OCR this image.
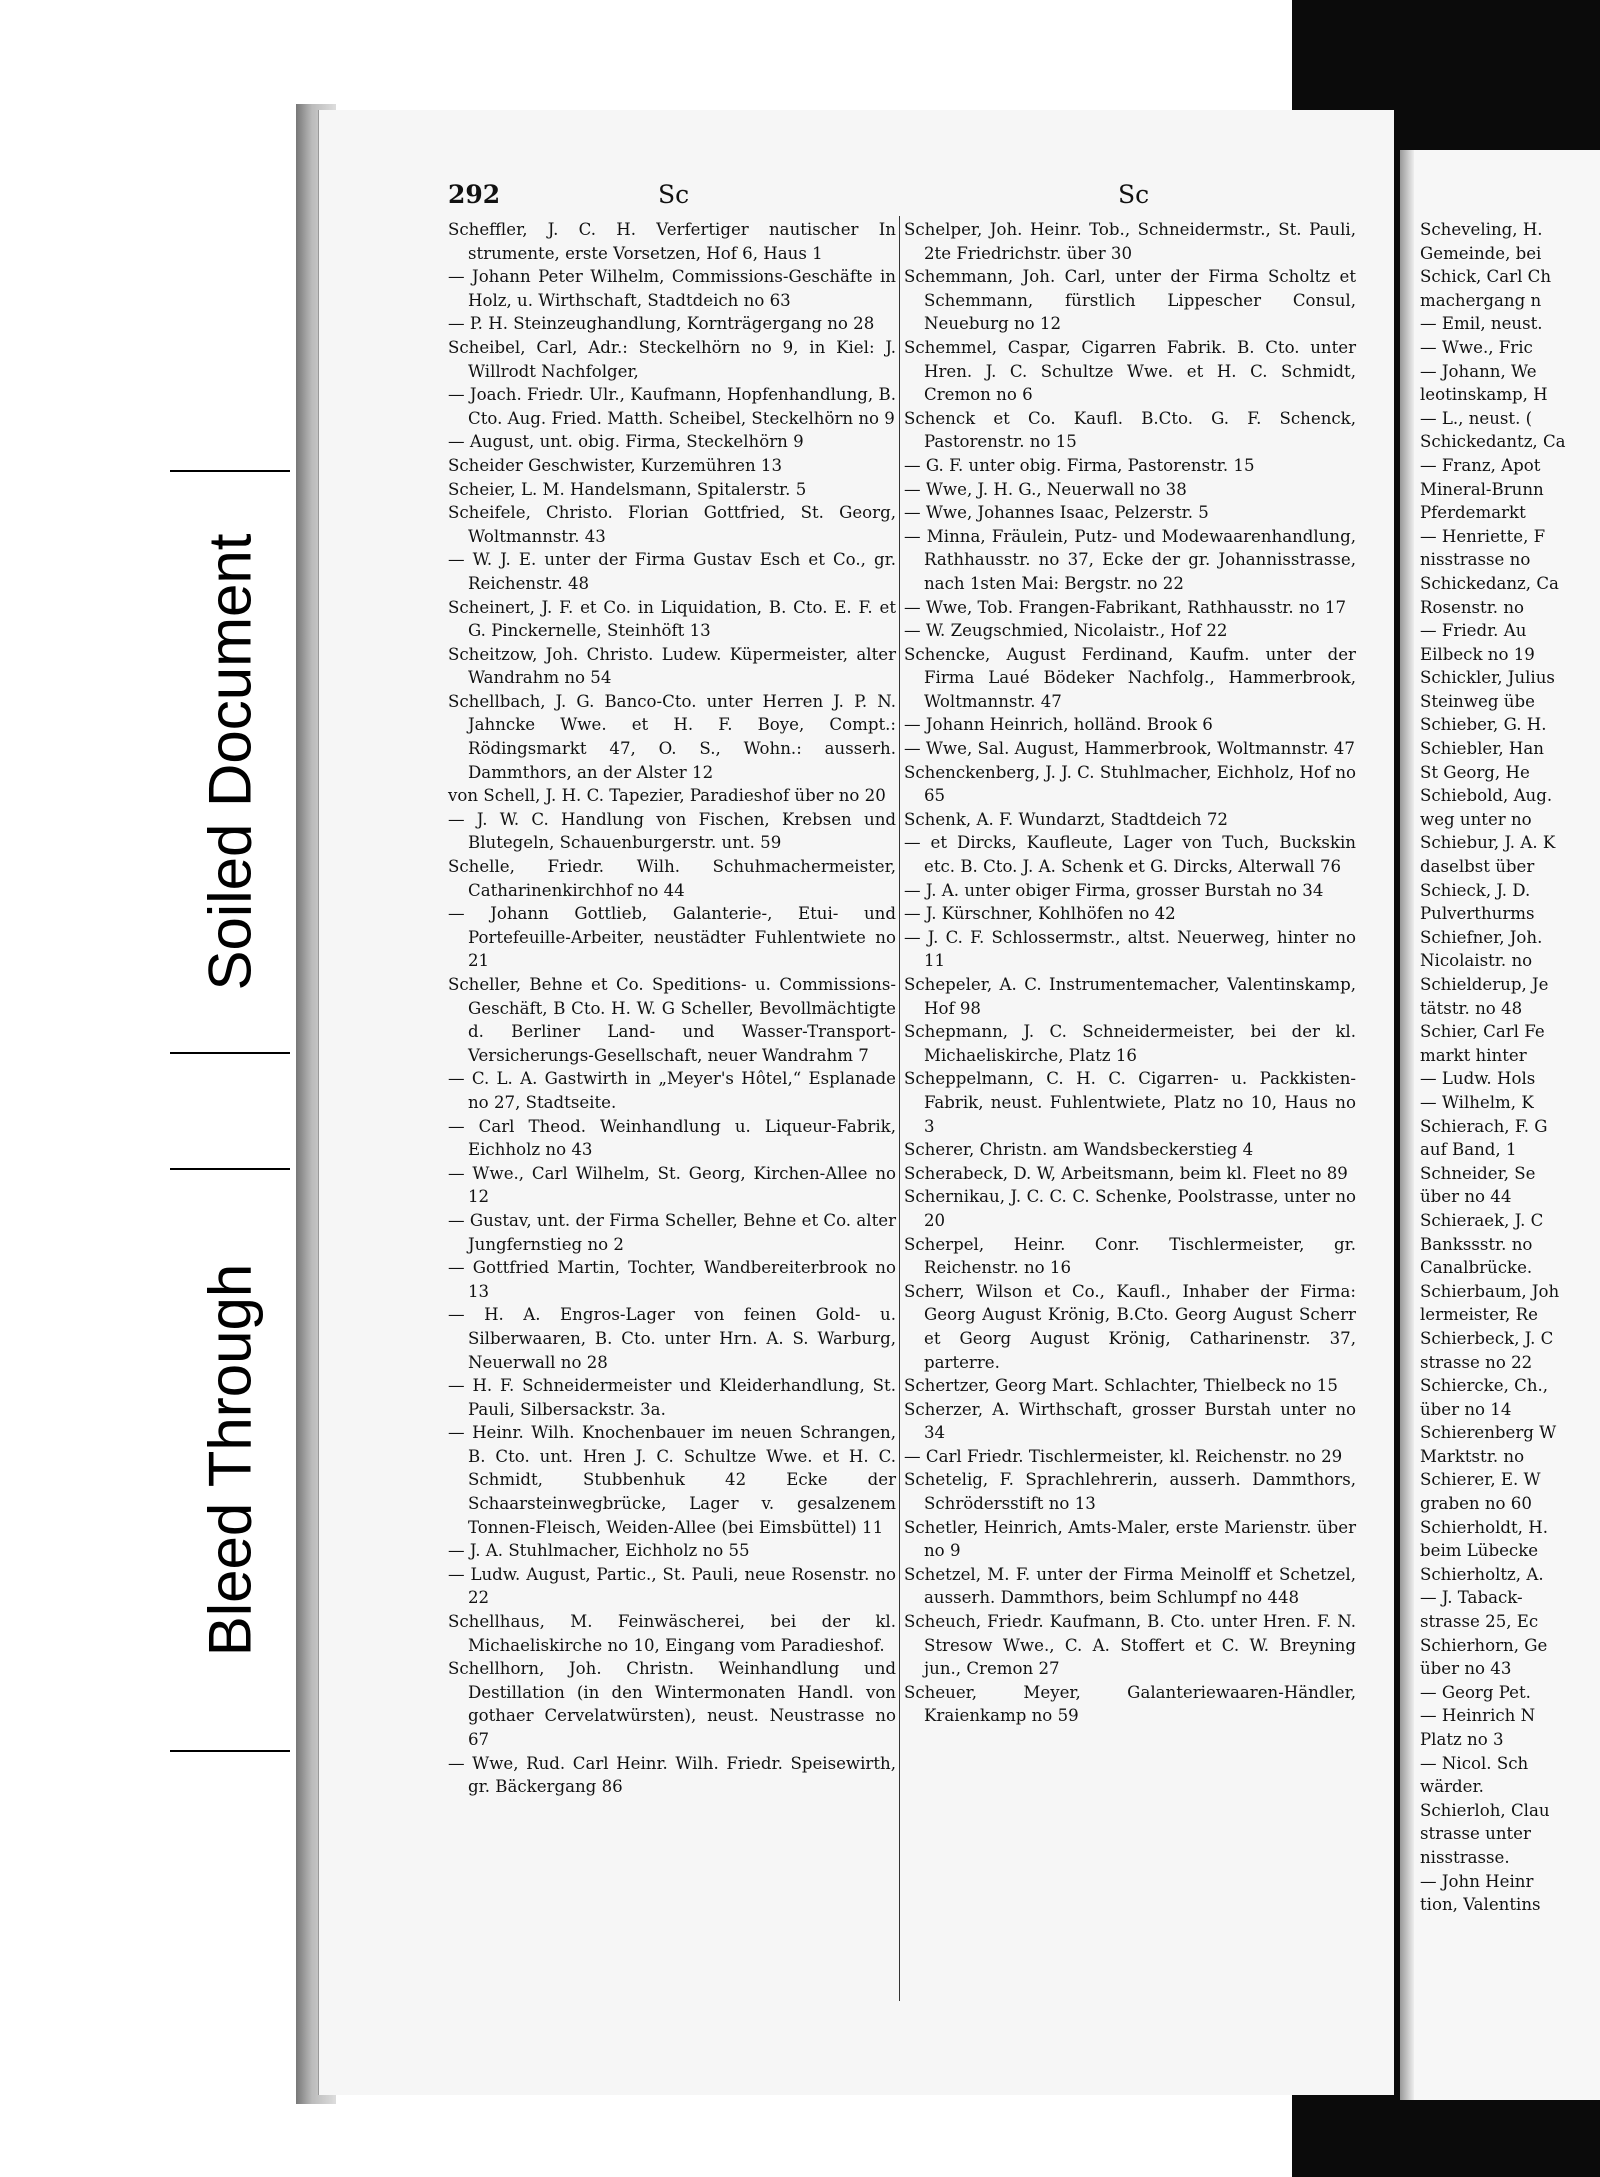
Soiled Document
Bleed Through
292	Sc	Sc
Scheffler, J. C. H. Verfertiger nautischer In strumente, erste Vorsetzen, Hof 6, Haus 1
— Johann Peter Wilhelm, Commissions-Geschäfte in Holz, u. Wirthschaft, Stadtdeich no 63
— P. H. Steinzeughandlung, Kornträgergang no 28
Scheibel, Carl, Adr.: Steckelhörn no 9, in Kiel: J. Willrodt Nachfolger,
— Joach. Friedr. Ulr., Kaufmann, Hopfenhandlung, B. Cto. Aug. Fried. Matth. Scheibel, Steckelhörn no 9
— August, unt. obig. Firma, Steckelhörn 9
Scheider Geschwister, Kurzemühren 13
Scheier, L. M. Handelsmann, Spitalerstr. 5
Scheifele, Christo. Florian Gottfried, St. Georg, Woltmannstr. 43
— W. J. E. unter der Firma Gustav Esch et Co., gr. Reichenstr. 48
Scheinert, J. F. et Co. in Liquidation, B. Cto. E. F. et G. Pinckernelle, Steinhöft 13
Scheitzow, Joh. Christo. Ludew. Küpermeister, alter Wandrahm no 54
Schellbach, J. G. Banco-Cto. unter Herren J. P. N. Jahncke Wwe. et H. F. Boye, Compt.: Rödingsmarkt 47, O. S., Wohn.: ausserh. Dammthors, an der Alster 12
von Schell, J. H. C. Tapezier, Paradieshof über no 20
— J. W. C. Handlung von Fischen, Krebsen und Blutegeln, Schauenburgerstr. unt. 59
Schelle, Friedr. Wilh. Schuhmachermeister, Catharinenkirchhof no 44
— Johann Gottlieb, Galanterie-, Etui- und Portefeuille-Arbeiter, neustädter Fuhlentwiete no 21
Scheller, Behne et Co. Speditions- u. Commissions-Geschäft, B Cto. H. W. G Scheller, Bevollmächtigte d. Berliner Land- und Wasser-Transport-Versicherungs-Gesellschaft, neuer Wandrahm 7
— C. L. A. Gastwirth in „Meyer's Hôtel,“ Esplanade no 27, Stadtseite.
— Carl Theod. Weinhandlung u. Liqueur-Fabrik, Eichholz no 43
— Wwe., Carl Wilhelm, St. Georg, Kirchen-Allee no 12
— Gustav, unt. der Firma Scheller, Behne et Co. alter Jungfernstieg no 2
— Gottfried Martin, Tochter, Wandbereiterbrook no 13
— H. A. Engros-Lager von feinen Gold- u. Silberwaaren, B. Cto. unter Hrn. A. S. Warburg, Neuerwall no 28
— H. F. Schneidermeister und Kleiderhandlung, St. Pauli, Silbersackstr. 3a.
— Heinr. Wilh. Knochenbauer im neuen Schrangen, B. Cto. unt. Hren J. C. Schultze Wwe. et H. C. Schmidt, Stubbenhuk 42 Ecke der Schaarsteinwegbrücke, Lager v. gesalzenem Tonnen-Fleisch, Weiden-Allee (bei Eimsbüttel) 11
— J. A. Stuhlmacher, Eichholz no 55
— Ludw. August, Partic., St. Pauli, neue Rosenstr. no 22
Schellhaus, M. Feinwäscherei, bei der kl. Michaeliskirche no 10, Eingang vom Paradieshof.
Schellhorn, Joh. Christn. Weinhandlung und Destillation (in den Wintermonaten Handl. von gothaer Cervelatwürsten), neust. Neustrasse no 67
— Wwe, Rud. Carl Heinr. Wilh. Friedr. Speisewirth, gr. Bäckergang 86
Schelper, Joh. Heinr. Tob., Schneidermstr., St. Pauli, 2te Friedrichstr. über 30
Schemmann, Joh. Carl, unter der Firma Scholtz et Schemmann, fürstlich Lippescher Consul, Neueburg no 12
Schemmel, Caspar, Cigarren Fabrik. B. Cto. unter Hren. J. C. Schultze Wwe. et H. C. Schmidt, Cremon no 6
Schenck et Co. Kaufl. B.Cto. G. F. Schenck, Pastorenstr. no 15
— G. F. unter obig. Firma, Pastorenstr. 15
— Wwe, J. H. G., Neuerwall no 38
— Wwe, Johannes Isaac, Pelzerstr. 5
— Minna, Fräulein, Putz- und Modewaarenhandlung, Rathhausstr. no 37, Ecke der gr. Johannisstrasse, nach 1sten Mai: Bergstr. no 22
— Wwe, Tob. Frangen-Fabrikant, Rathhausstr. no 17
— W. Zeugschmied, Nicolaistr., Hof 22
Schencke, August Ferdinand, Kaufm. unter der Firma Laué Bödeker Nachfolg., Hammerbrook, Woltmannstr. 47
— Johann Heinrich, holländ. Brook 6
— Wwe, Sal. August, Hammerbrook, Woltmannstr. 47
Schenckenberg, J. J. C. Stuhlmacher, Eichholz, Hof no 65
Schenk, A. F. Wundarzt, Stadtdeich 72
— et Dircks, Kaufleute, Lager von Tuch, Buckskin etc. B. Cto. J. A. Schenk et G. Dircks, Alterwall 76
— J. A. unter obiger Firma, grosser Burstah no 34
— J. Kürschner, Kohlhöfen no 42
— J. C. F. Schlossermstr., altst. Neuerweg, hinter no 11
Schepeler, A. C. Instrumentemacher, Valentinskamp, Hof 98
Schepmann, J. C. Schneidermeister, bei der kl. Michaeliskirche, Platz 16
Scheppelmann, C. H. C. Cigarren- u. Packkisten-Fabrik, neust. Fuhlentwiete, Platz no 10, Haus no 3
Scherer, Christn. am Wandsbeckerstieg 4
Scherabeck, D. W, Arbeitsmann, beim kl. Fleet no 89
Schernikau, J. C. C. C. Schenke, Poolstrasse, unter no 20
Scherpel, Heinr. Conr. Tischlermeister, gr. Reichenstr. no 16
Scherr, Wilson et Co., Kaufl., Inhaber der Firma: Georg August Krönig, B.Cto. Georg August Scherr et Georg August Krönig, Catharinenstr. 37, parterre.
Schertzer, Georg Mart. Schlachter, Thielbeck no 15
Scherzer, A. Wirthschaft, grosser Burstah unter no 34
— Carl Friedr. Tischlermeister, kl. Reichenstr. no 29
Schetelig, F. Sprachlehrerin, ausserh. Dammthors, Schrödersstift no 13
Schetler, Heinrich, Amts-Maler, erste Marienstr. über no 9
Schetzel, M. F. unter der Firma Meinolff et Schetzel, ausserh. Dammthors, beim Schlumpf no 448
Scheuch, Friedr. Kaufmann, B. Cto. unter Hren. F. N. Stresow Wwe., C. A. Stoffert et C. W. Breyning jun., Cremon 27
Scheuer, Meyer, Galanteriewaaren-Händler, Kraienkamp no 59
Scheveling, H.
Gemeinde, bei
Schick, Carl Ch
machergang n
— Emil, neust.
— Wwe., Fric
— Johann, We
leotinskamp, H
— L., neust. (
Schickedantz, Ca
— Franz, Apot
Mineral-Brunn
Pferdemarkt
— Henriette, F
nisstrasse no
Schickedanz, Ca
Rosenstr. no
— Friedr. Au
Eilbeck no 19
Schickler, Julius
Steinweg übe
Schieber, G. H.
Schiebler, Han
St Georg, He
Schiebold, Aug.
weg unter no
Schiebur, J. A. K
daselbst über
Schieck, J. D.
Pulverthurms
Schiefner, Joh.
Nicolaistr. no
Schielderup, Je
tätstr. no 48
Schier, Carl Fe
markt hinter
— Ludw. Hols
— Wilhelm, K
Schierach, F. G
auf Band, 1
Schneider, Se
über no 44
Schieraek, J. C
Bankssstr. no
Canalbrücke.
Schierbaum, Joh
lermeister, Re
Schierbeck, J. C
strasse no 22
Schiercke, Ch.,
über no 14
Schierenberg W
Marktstr. no
Schierer, E. W
graben no 60
Schierholdt, H.
beim Lübecke
Schierholtz, A.
— J. Taback-
strasse 25, Ec
Schierhorn, Ge
über no 43
— Georg Pet.
— Heinrich N
Platz no 3
— Nicol. Sch
wärder.
Schierloh, Clau
strasse unter
nisstrasse.
— John Heinr
tion, Valentins
